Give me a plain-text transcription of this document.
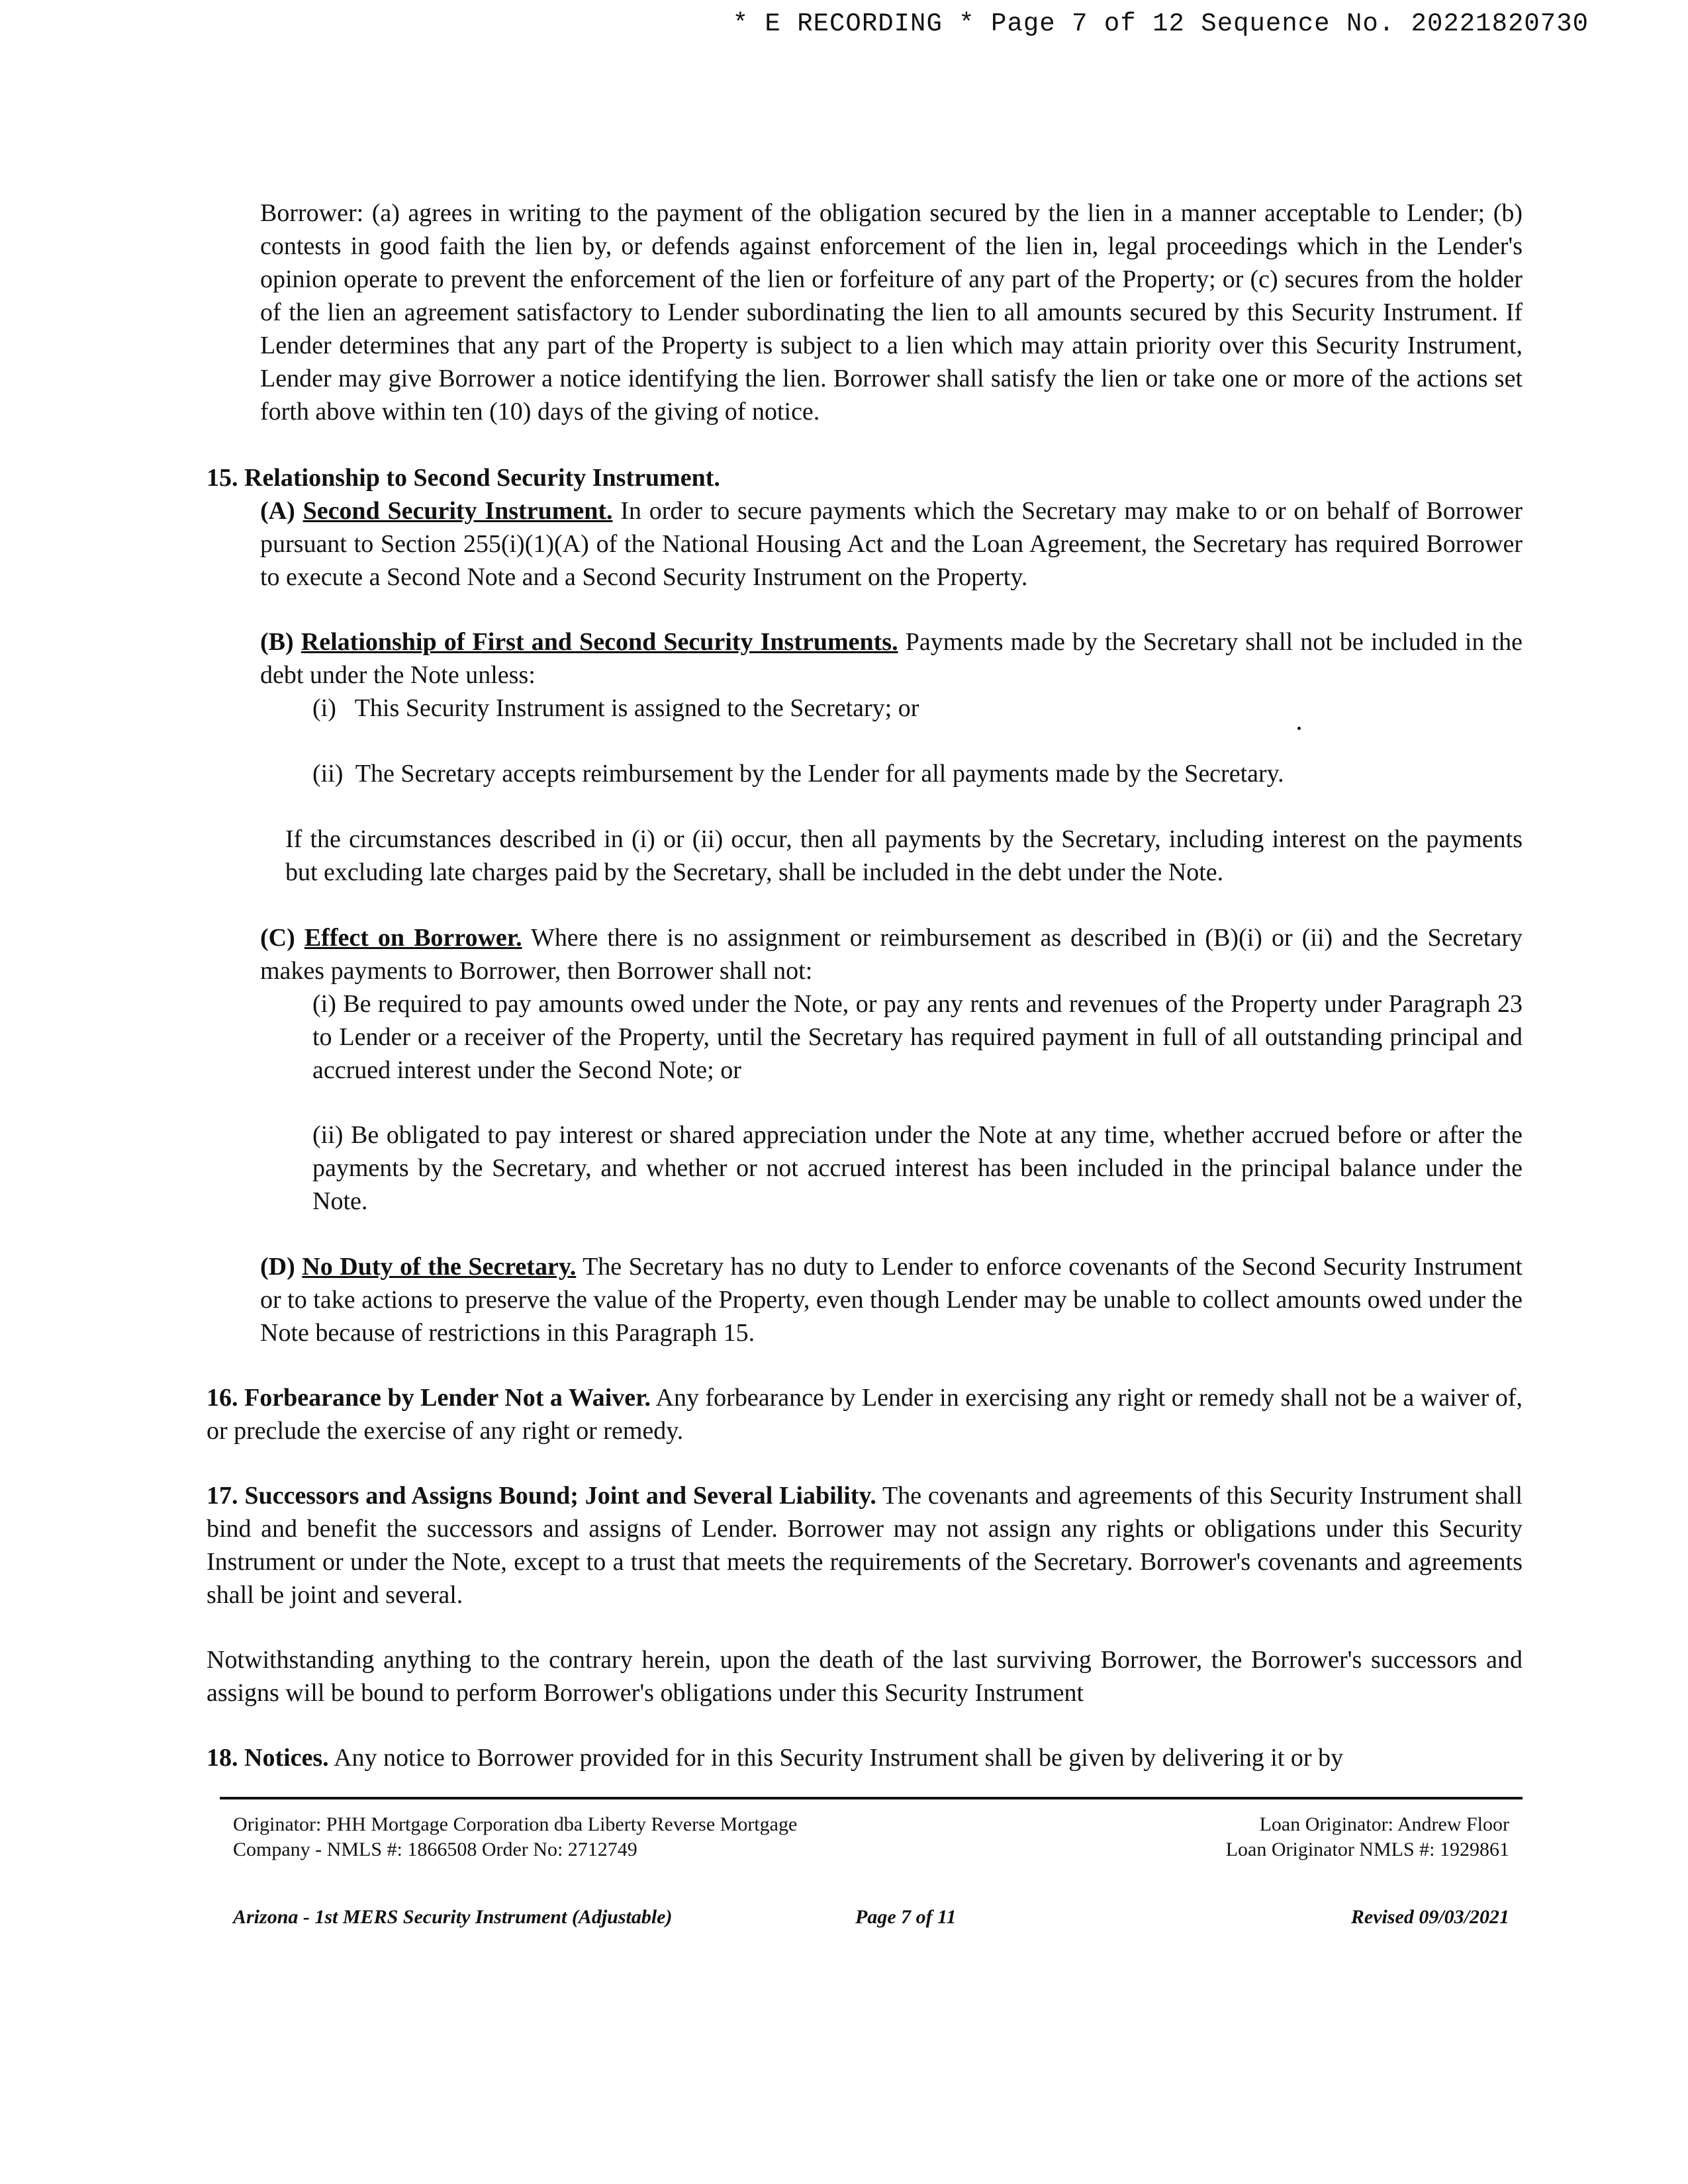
* E RECORDING * Page 7 of 12 Sequence No. 20221820730

Borrower: (a) agrees in writing to the payment of the obligation secured by the lien in a manner acceptable to Lender; (b) contests in good faith the lien by, or defends against enforcement of the lien in, legal proceedings which in the Lender's opinion operate to prevent the enforcement of the lien or forfeiture of any part of the Property; or (c) secures from the holder of the lien an agreement satisfactory to Lender subordinating the lien to all amounts secured by this Security Instrument. If Lender determines that any part of the Property is subject to a lien which may attain priority over this Security Instrument, Lender may give Borrower a notice identifying the lien. Borrower shall satisfy the lien or take one or more of the actions set forth above within ten (10) days of the giving of notice.

15. Relationship to Second Security Instrument.

(A) Second Security Instrument. In order to secure payments which the Secretary may make to or on behalf of Borrower pursuant to Section 255(i)(1)(A) of the National Housing Act and the Loan Agreement, the Secretary has required Borrower to execute a Second Note and a Second Security Instrument on the Property.

(B) Relationship of First and Second Security Instruments. Payments made by the Secretary shall not be included in the debt under the Note unless:

(i)   This Security Instrument is assigned to the Secretary; or
(ii)  The Secretary accepts reimbursement by the Lender for all payments made by the Secretary.

If the circumstances described in (i) or (ii) occur, then all payments by the Secretary, including interest on the payments but excluding late charges paid by the Secretary, shall be included in the debt under the Note.

(C) Effect on Borrower. Where there is no assignment or reimbursement as described in (B)(i) or (ii) and the Secretary makes payments to Borrower, then Borrower shall not:

(i) Be required to pay amounts owed under the Note, or pay any rents and revenues of the Property under Paragraph 23 to Lender or a receiver of the Property, until the Secretary has required payment in full of all outstanding principal and accrued interest under the Second Note; or

(ii) Be obligated to pay interest or shared appreciation under the Note at any time, whether accrued before or after the payments by the Secretary, and whether or not accrued interest has been included in the principal balance under the Note.

(D) No Duty of the Secretary. The Secretary has no duty to Lender to enforce covenants of the Second Security Instrument or to take actions to preserve the value of the Property, even though Lender may be unable to collect amounts owed under the Note because of restrictions in this Paragraph 15.

16. Forbearance by Lender Not a Waiver. Any forbearance by Lender in exercising any right or remedy shall not be a waiver of, or preclude the exercise of any right or remedy.

17. Successors and Assigns Bound; Joint and Several Liability. The covenants and agreements of this Security Instrument shall bind and benefit the successors and assigns of Lender. Borrower may not assign any rights or obligations under this Security Instrument or under the Note, except to a trust that meets the requirements of the Secretary. Borrower's covenants and agreements shall be joint and several.

Notwithstanding anything to the contrary herein, upon the death of the last surviving Borrower, the Borrower's successors and assigns will be bound to perform Borrower's obligations under this Security Instrument

18. Notices. Any notice to Borrower provided for in this Security Instrument shall be given by delivering it or by

Originator: PHH Mortgage Corporation dba Liberty Reverse Mortgage
Company - NMLS #: 1866508 Order No: 2712749
Loan Originator: Andrew Floor
Loan Originator NMLS #: 1929861
Arizona - 1st MERS Security Instrument (Adjustable)	Page 7 of 11	Revised 09/03/2021
